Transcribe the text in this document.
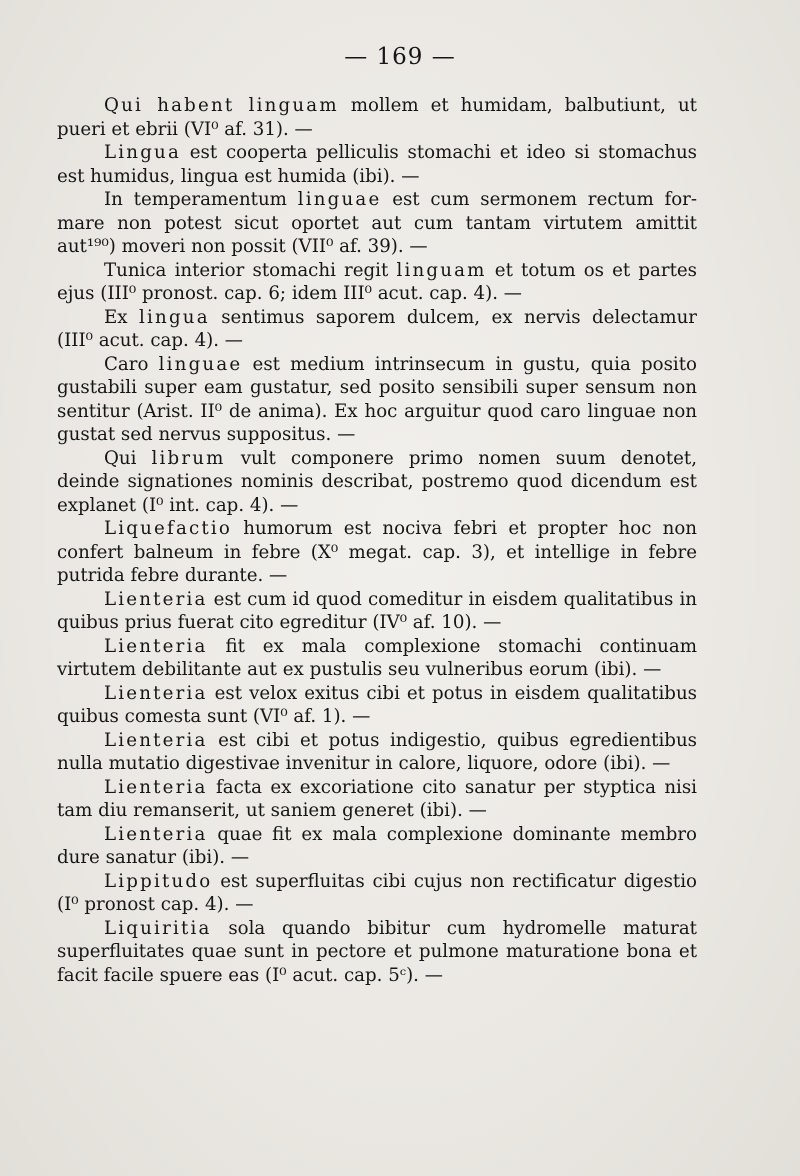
— 169 —

Qui habent linguam mollem et humidam, balbutiunt, ut pueri et ebrii (VI⁰ af. 31). —

Lingua est cooperta pelliculis stomachi et ideo si stomachus est humidus, lingua est humida (ibi). —

In temperamentum linguae est cum sermonem rectum formare non potest sicut oportet aut cum tantam virtutem amittit aut¹⁹⁰) moveri non possit (VII⁰ af. 39). —

Tunica interior stomachi regit linguam et totum os et partes ejus (III⁰ pronost. cap. 6; idem III⁰ acut. cap. 4). —

Ex lingua sentimus saporem dulcem, ex nervis delectamur (III⁰ acut. cap. 4). —

Caro linguae est medium intrinsecum in gustu, quia posito gustabili super eam gustatur, sed posito sensibili super sensum non sentitur (Arist. II⁰ de anima). Ex hoc arguitur quod caro linguae non gustat sed nervus suppositus. —

Qui librum vult componere primo nomen suum denotet, deinde signationes nominis describat, postremo quod dicendum est explanet (I⁰ int. cap. 4). —

Liquefactio humorum est nociva febri et propter hoc non confert balneum in febre (X⁰ megat. cap. 3), et intellige in febre putrida febre durante. —

Lienteria est cum id quod comeditur in eisdem qualitatibus in quibus prius fuerat cito egreditur (IV⁰ af. 10). —

Lienteria fit ex mala complexione stomachi continuam virtutem debilitante aut ex pustulis seu vulneribus eorum (ibi). —

Lienteria est velox exitus cibi et potus in eisdem qualitatibus quibus comesta sunt (VI⁰ af. 1). —

Lienteria est cibi et potus indigestio, quibus egredientibus nulla mutatio digestivae invenitur in calore, liquore, odore (ibi). —

Lienteria facta ex excoriatione cito sanatur per styptica nisi tam diu remanserit, ut saniem generet (ibi). —

Lienteria quae fit ex mala complexione dominante membro dure sanatur (ibi). —

Lippitudo est superfluitas cibi cujus non rectificatur digestio (I⁰ pronost cap. 4). —

Liquiritia sola quando bibitur cum hydromelle maturat superfluitates quae sunt in pectore et pulmone maturatione bona et facit facile spuere eas (I⁰ acut. cap. 5ᶜ). —
